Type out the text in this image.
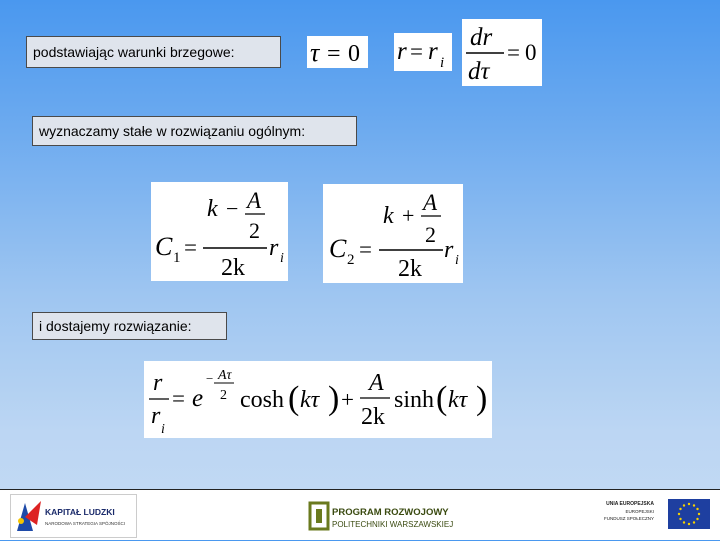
podstawiając warunki brzegowe:	τ = 0 r = r i
dr
dτ
= 0
wyznaczamy stałe w rozwiązaniu ogólnym:
k − A
2
2k
C 1 =	r i
k +
A
2
2k
C 2 =	r i
i dostajemy rozwiązanie:
r
r
i
= e
− Aτ
2 cosh ( kτ ) +
A
2k
sinh ( kτ )
KAPITAŁ LUDZKI
NARODOWA STRATEGIA SPÓJNOŚCI
PROGRAM ROZWOJOWY
POLITECHNIKI WARSZAWSKIEJ
UNIA EUROPEJSKA
EUROPEJSKI
FUNDUSZ SPOŁECZNY
